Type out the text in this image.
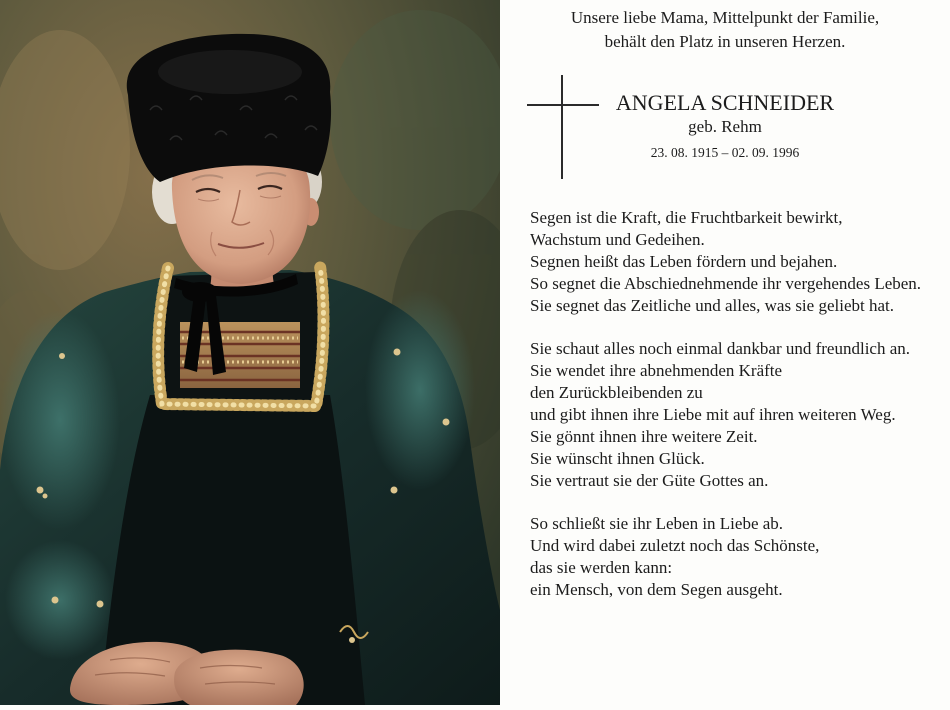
Unsere liebe Mama, Mittelpunkt der Familie,
behält den Platz in unseren Herzen.
ANGELA SCHNEIDER
geb. Rehm
23. 08. 1915 – 02. 09. 1996
Segen ist die Kraft, die Fruchtbarkeit bewirkt,
Wachstum und Gedeihen.
Segnen heißt das Leben fördern und bejahen.
So segnet die Abschiednehmende ihr vergehendes Leben.
Sie segnet das Zeitliche und alles, was sie geliebt hat.
Sie schaut alles noch einmal dankbar und freundlich an.
Sie wendet ihre abnehmenden Kräfte
den Zurückbleibenden zu
und gibt ihnen ihre Liebe mit auf ihren weiteren Weg.
Sie gönnt ihnen ihre weitere Zeit.
Sie wünscht ihnen Glück.
Sie vertraut sie der Güte Gottes an.
So schließt sie ihr Leben in Liebe ab.
Und wird dabei zuletzt noch das Schönste,
das sie werden kann:
ein Mensch, von dem Segen ausgeht.
